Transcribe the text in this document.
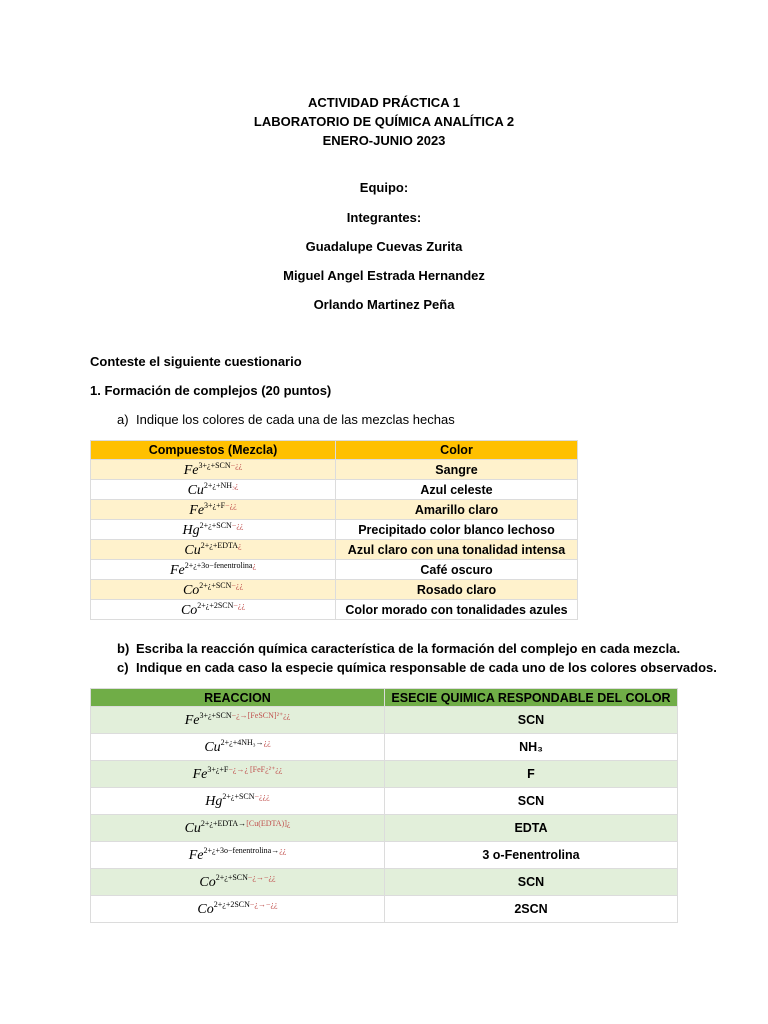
ACTIVIDAD PRÁCTICA 1
LABORATORIO DE QUÍMICA ANALÍTICA 2
ENERO-JUNIO 2023
Equipo:
Integrantes:
Guadalupe Cuevas Zurita
Miguel Angel Estrada Hernandez
Orlando Martinez Peña
Conteste el siguiente cuestionario
1. Formación de complejos (20 puntos)
a) Indique los colores de cada una de las mezclas hechas
Compuestos (Mezcla)	Color
$Fe^{3+¿+SCN-¿¿}$	Sangre
$Cu^{2+¿+NH_3¿}$	Azul celeste
$Fe^{3+¿+F-¿¿}$	Amarillo claro
$Hg^{2+¿+SCN-¿¿}$	Precipitado color blanco lechoso
$Cu^{2+¿+EDTA¿}$	Azul claro con una tonalidad intensa
$Fe^{2+¿+3o-fenentrolina¿}$	Café oscuro
$Co^{2+¿+SCN-¿¿}$	Rosado claro
$Co^{2+¿+2SCN-¿¿}$	Color morado con tonalidades azules
b) Escriba la reacción química característica de la formación del complejo en cada mezcla.
c) Indique en cada caso la especie química responsable de cada uno de los colores observados.
REACCION	ESECIE QUIMICA RESPONDABLE DEL COLOR
$Fe^{3+¿+SCN-¿\to[FeSCN]^{2+}¿¿}$	SCN
$Cu^{2+¿+4NH_3\to¿¿}$	NH₃
$Fe^{3+¿+F-¿\to¿ [FeF¿^{2+}¿¿}$	F
$Hg^{2+¿+SCN-¿¿¿}$	SCN
$Cu^{2+¿+EDTA\to[Cu(EDTA)]¿}$	EDTA
$Fe^{2+¿+3o-fenentrolina\to¿¿}$	3 o-Fenentrolina
$Co^{2+¿+SCN-¿\to-¿¿}$	SCN
$Co^{2+¿+2SCN-¿\to-¿¿}$	2SCN
